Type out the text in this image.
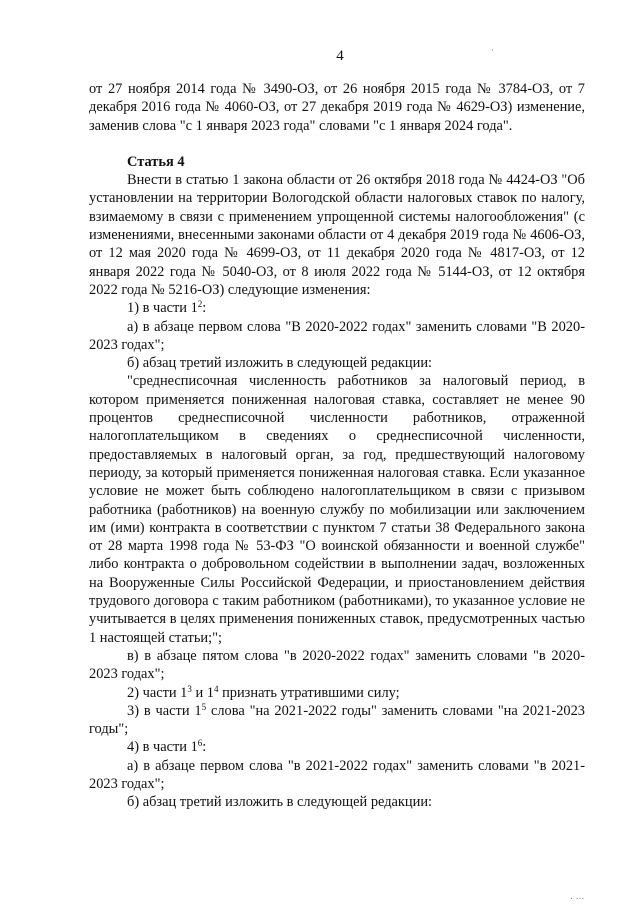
4	·

от 27 ноября 2014 года № 3490-ОЗ, от 26 ноября 2015 года № 3784-ОЗ, от 7 декабря 2016 года № 4060-ОЗ, от 27 декабря 2019 года № 4629-ОЗ) изменение, заменив слова "с 1 января 2023 года" словами "с 1 января 2024 года".

Статья 4

Внести в статью 1 закона области от 26 октября 2018 года № 4424-ОЗ "Об установлении на территории Вологодской области налоговых ставок по налогу, взимаемому в связи с применением упрощенной системы налогообложения" (с изменениями, внесенными законами области от 4 декабря 2019 года № 4606-ОЗ, от 12 мая 2020 года № 4699-ОЗ, от 11 декабря 2020 года № 4817-ОЗ, от 12 января 2022 года № 5040-ОЗ, от 8 июля 2022 года № 5144-ОЗ, от 12 октября 2022 года № 5216-ОЗ) следующие изменения:

1) в части $1^2$:

а) в абзаце первом слова "В 2020-2022 годах" заменить словами "В 2020-2023 годах";

б) абзац третий изложить в следующей редакции:

"среднесписочная численность работников за налоговый период, в котором применяется пониженная налоговая ставка, составляет не менее 90 процентов среднесписочной численности работников, отраженной налогоплательщиком в сведениях о среднесписочной численности, предоставляемых в налоговый орган, за год, предшествующий налоговому периоду, за который применяется пониженная налоговая ставка. Если указанное условие не может быть соблюдено налогоплательщиком в связи с призывом работника (работников) на военную службу по мобилизации или заключением им (ими) контракта в соответствии с пунктом 7 статьи 38 Федерального закона от 28 марта 1998 года № 53-ФЗ "О воинской обязанности и военной службе" либо контракта о добровольном содействии в выполнении задач, возложенных на Вооруженные Силы Российской Федерации, и приостановлением действия трудового договора с таким работником (работниками), то указанное условие не учитывается в целях применения пониженных ставок, предусмотренных частью 1 настоящей статьи;";

в) в абзаце пятом слова "в 2020-2022 годах" заменить словами "в 2020-2023 годах";

2) части $1^3$ и $1^4$ признать утратившими силу;

3) в части $1^5$ слова "на 2021-2022 годы" заменить словами "на 2021-2023 годы";

4) в части $1^6$:

а) в абзаце первом слова "в 2021-2022 годах" заменить словами "в 2021-2023 годах";

б) абзац третий изложить в следующей редакции:

. ...
